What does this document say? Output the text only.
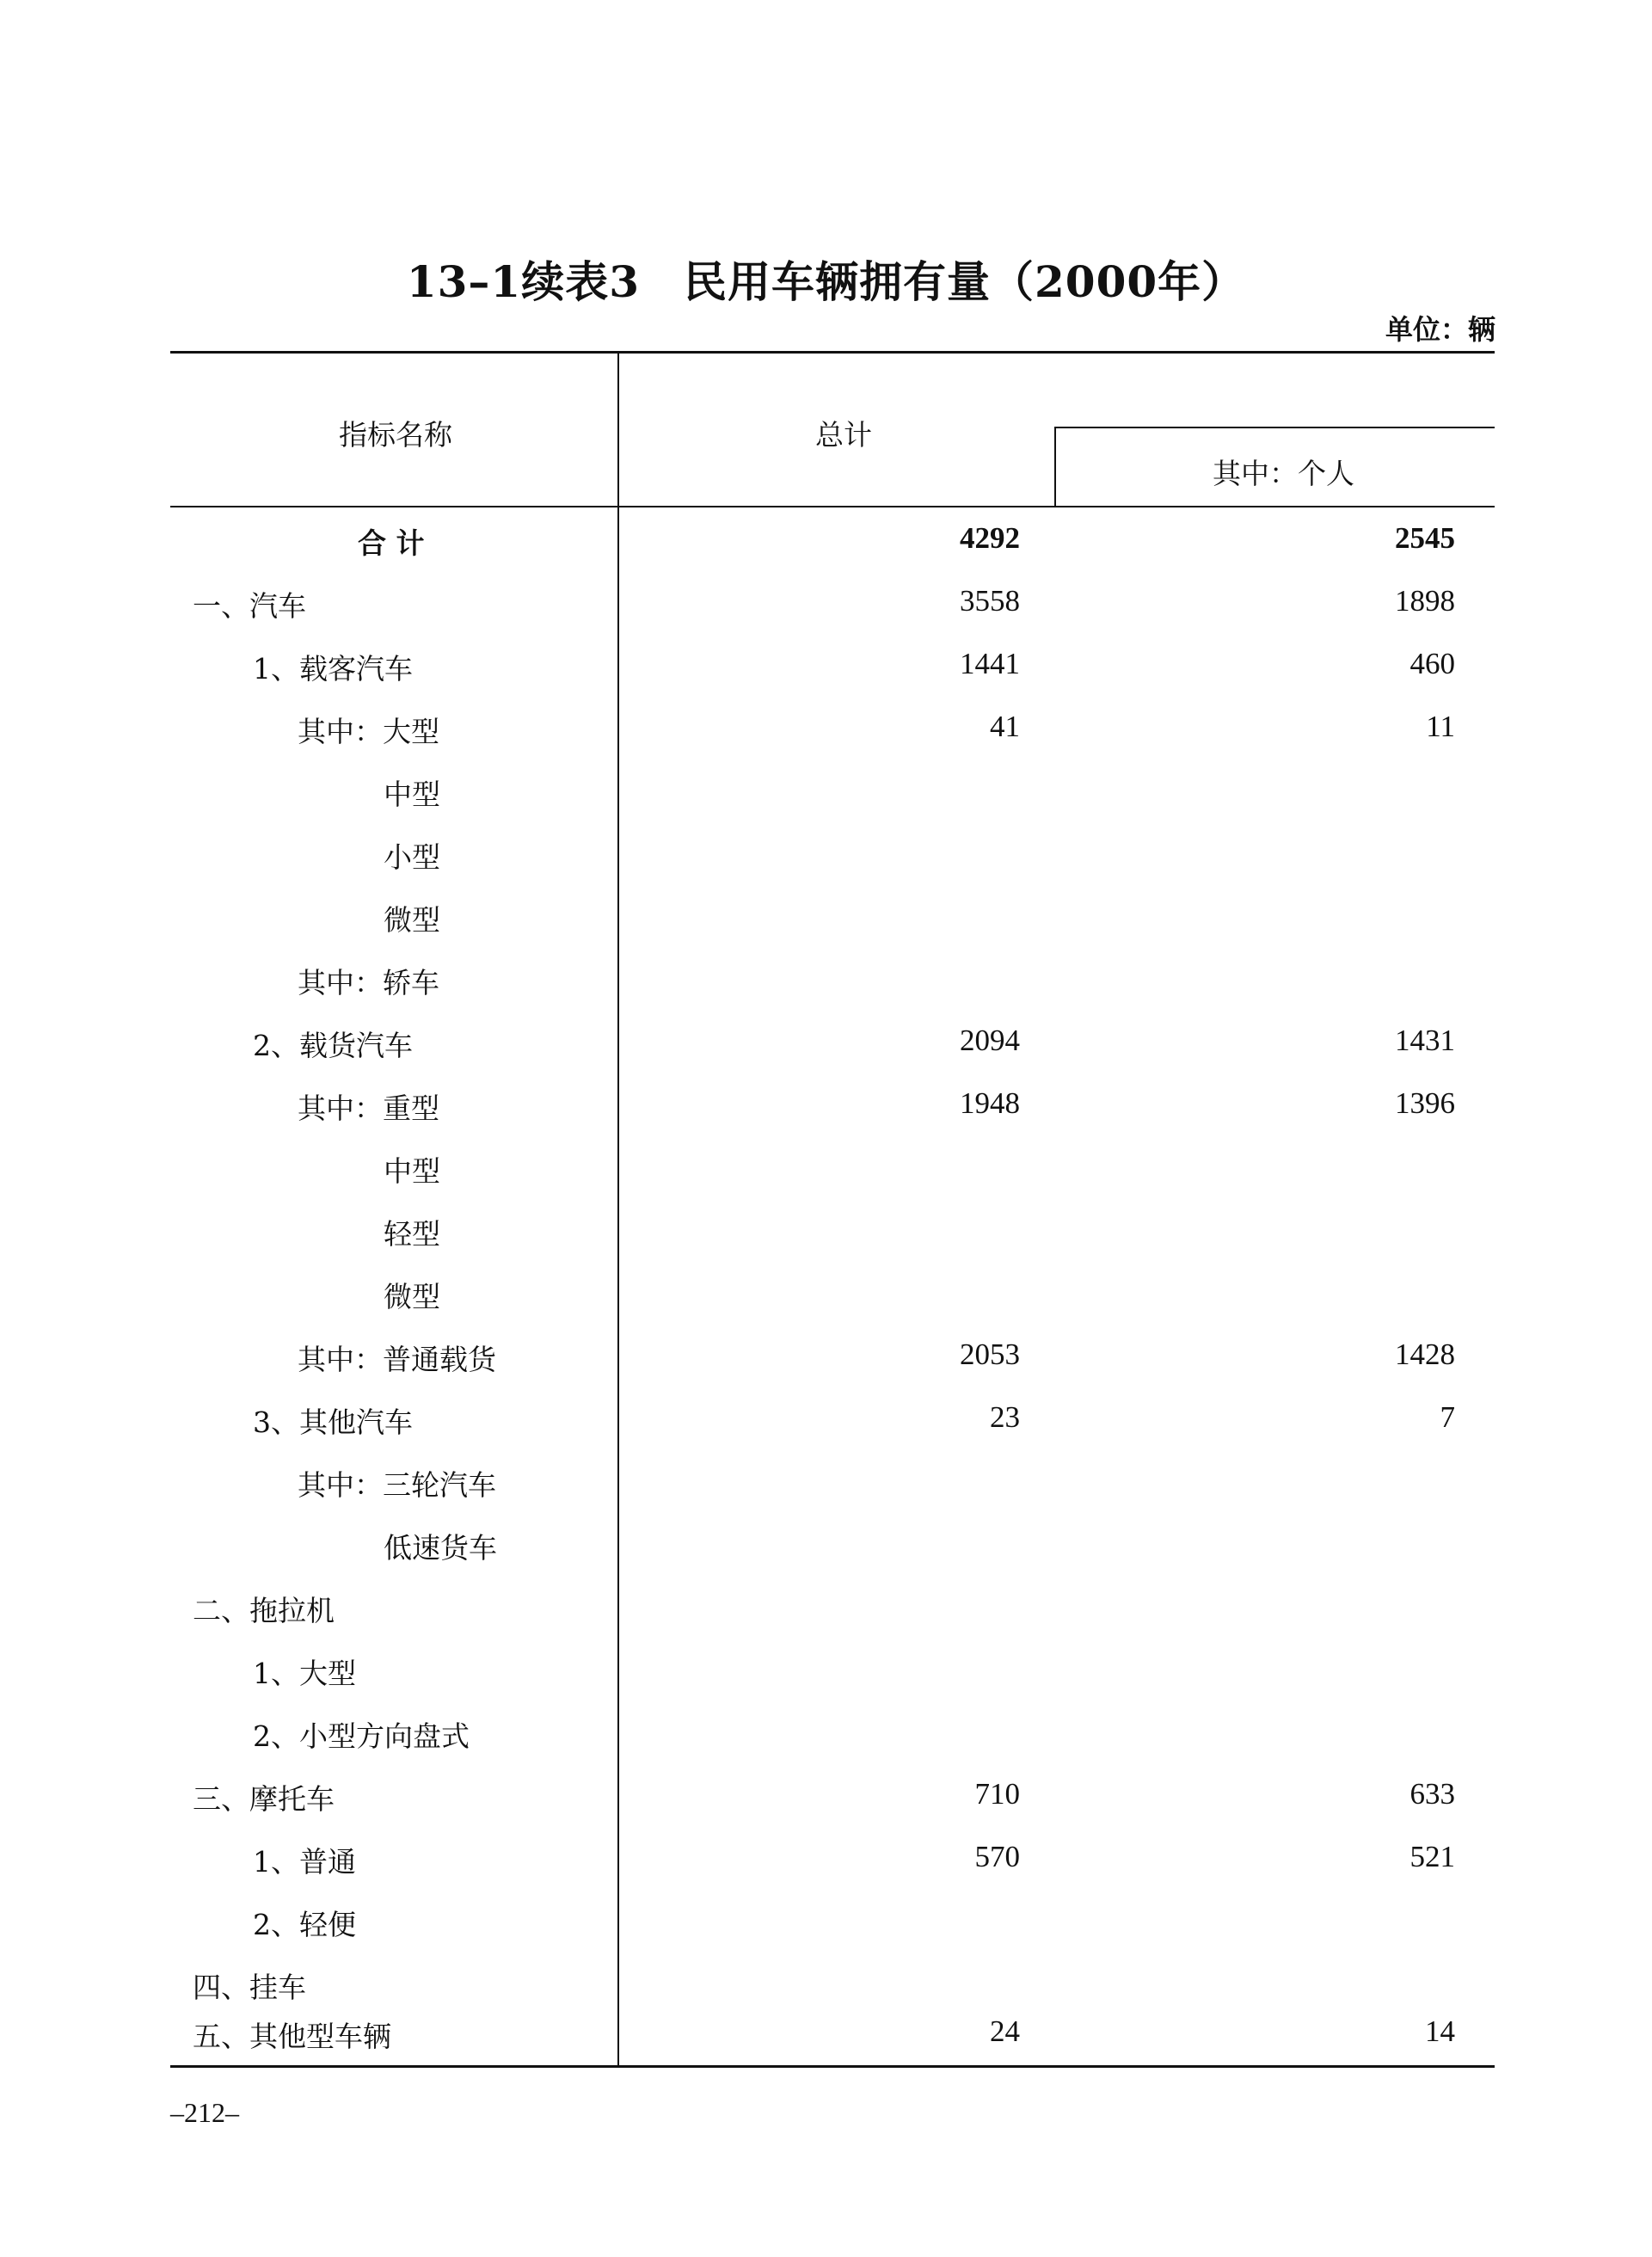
13–1续表3　民用车辆拥有量（2000年）
单位：辆
指标名称	总计
其中：个人
合 计	4292	2545
一、汽车	3558	1898
1、载客汽车	1441	460
其中：大型	41	11
中型
小型
微型
其中：轿车
2、载货汽车	2094	1431
其中：重型	1948	1396
中型
轻型
微型
其中：普通载货	2053	1428
3、其他汽车	23	7
其中：三轮汽车
低速货车
二、拖拉机
1、大型
2、小型方向盘式
三、摩托车	710	633
1、普通	570	521
2、轻便
四、挂车
五、其他型车辆	24	14
–212–
